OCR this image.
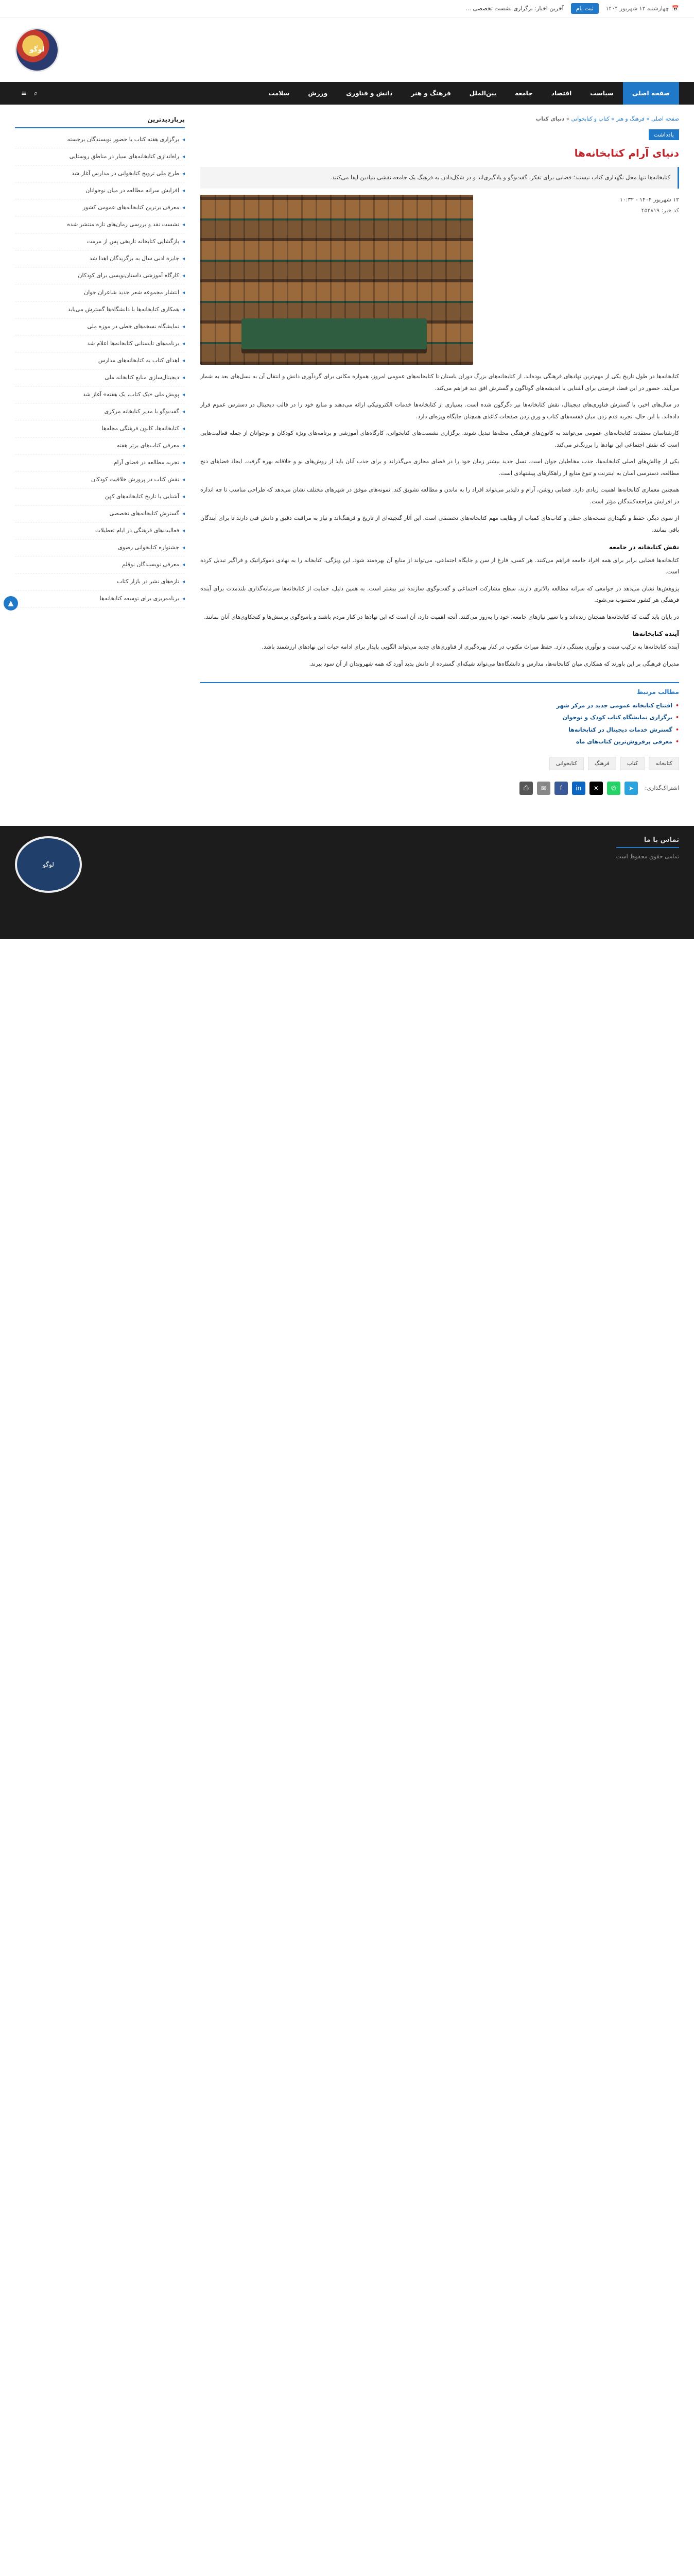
📅
چهارشنبه ۱۲ شهریور ۱۴۰۴
ثبت نام
آخرین اخبار: برگزاری نشست تخصصی ...
لوگو
صفحه اصلی
سیاست
اقتصاد
جامعه
بین‌الملل
فرهنگ و هنر
دانش و فناوری
ورزش
سلامت
⌕
≡
▲
صفحه اصلی » فرهنگ و هنر » کتاب و کتابخوانی » دنیای کتاب
یادداشت
دنیای آرام کتابخانه‌ها
کتابخانه‌ها تنها محل نگهداری کتاب نیستند؛ فضایی برای تفکر، گفت‌وگو و یادگیری‌اند و در شکل‌دادن به فرهنگ یک جامعه نقشی بنیادین ایفا می‌کنند.
۱۲ شهریور ۱۴۰۴ - ۱۰:۳۲
کد خبر: ۴۵۲۸۱۹

کتابخانه‌ها در طول تاریخ یکی از مهم‌ترین نهادهای فرهنگی بوده‌اند. از کتابخانه‌های بزرگ دوران باستان تا کتابخانه‌های عمومی امروز، همواره مکانی برای گردآوری دانش و انتقال آن به نسل‌های بعد به شمار می‌آیند. حضور در این فضا، فرصتی برای آشنایی با اندیشه‌های گوناگون و گسترش افق دید فراهم می‌کند.

در سال‌های اخیر، با گسترش فناوری‌های دیجیتال، نقش کتابخانه‌ها نیز دگرگون شده است. بسیاری از کتابخانه‌ها خدمات الکترونیکی ارائه می‌دهند و منابع خود را در قالب دیجیتال در دسترس عموم قرار داده‌اند. با این حال، تجربه قدم زدن میان قفسه‌های کتاب و ورق زدن صفحات کاغذی همچنان جایگاه ویژه‌ای دارد.

کارشناسان معتقدند کتابخانه‌های عمومی می‌توانند به کانون‌های فرهنگی محله‌ها تبدیل شوند. برگزاری نشست‌های کتابخوانی، کارگاه‌های آموزشی و برنامه‌های ویژه کودکان و نوجوانان از جمله فعالیت‌هایی است که نقش اجتماعی این نهادها را پررنگ‌تر می‌کند.

یکی از چالش‌های اصلی کتابخانه‌ها، جذب مخاطبان جوان است. نسل جدید بیشتر زمان خود را در فضای مجازی می‌گذراند و برای جذب آنان باید از روش‌های نو و خلاقانه بهره گرفت. ایجاد فضاهای دنج مطالعه، دسترسی آسان به اینترنت و تنوع منابع از راهکارهای پیشنهادی است.

همچنین معماری کتابخانه‌ها اهمیت زیادی دارد. فضایی روشن، آرام و دلپذیر می‌تواند افراد را به ماندن و مطالعه تشویق کند. نمونه‌های موفق در شهرهای مختلف نشان می‌دهد که طراحی مناسب تا چه اندازه در افزایش مراجعه‌کنندگان مؤثر است.

از سوی دیگر، حفظ و نگهداری نسخه‌های خطی و کتاب‌های کمیاب از وظایف مهم کتابخانه‌های تخصصی است. این آثار گنجینه‌ای از تاریخ و فرهنگ‌اند و نیاز به مراقبت دقیق و دانش فنی دارند تا برای آیندگان باقی بمانند.

نقش کتابخانه در جامعه

کتابخانه‌ها فضایی برابر برای همه افراد جامعه فراهم می‌کنند. هر کسی، فارغ از سن و جایگاه اجتماعی، می‌تواند از منابع آن بهره‌مند شود. این ویژگی، کتابخانه را به نهادی دموکراتیک و فراگیر تبدیل کرده است.

پژوهش‌ها نشان می‌دهد در جوامعی که سرانه مطالعه بالاتری دارند، سطح مشارکت اجتماعی و گفت‌وگوی سازنده نیز بیشتر است. به همین دلیل، حمایت از کتابخانه‌ها سرمایه‌گذاری بلندمدت برای آینده فرهنگی هر کشور محسوب می‌شود.

در پایان باید گفت که کتابخانه‌ها همچنان زنده‌اند و با تغییر نیازهای جامعه، خود را به‌روز می‌کنند. آنچه اهمیت دارد، آن است که این نهادها در کنار مردم باشند و پاسخ‌گوی پرسش‌ها و کنجکاوی‌های آنان بمانند.

آینده کتابخانه‌ها

آینده کتابخانه‌ها به ترکیب سنت و نوآوری بستگی دارد. حفظ میراث مکتوب در کنار بهره‌گیری از فناوری‌های جدید می‌تواند الگویی پایدار برای ادامه حیات این نهادهای ارزشمند باشد.

مدیران فرهنگی بر این باورند که همکاری میان کتابخانه‌ها، مدارس و دانشگاه‌ها می‌تواند شبکه‌ای گسترده از دانش پدید آورد که همه شهروندان از آن سود ببرند.

مطالب مرتبط
• افتتاح کتابخانه عمومی جدید در مرکز شهر
• برگزاری نمایشگاه کتاب کودک و نوجوان
• گسترش خدمات دیجیتال در کتابخانه‌ها
• معرفی پرفروش‌ترین کتاب‌های ماه
کتابخانه
کتاب
فرهنگ
کتابخوانی
اشتراک‌گذاری:
➤
✆
✕
in
f
✉
⎙
پربازدیدترین
◂ برگزاری هفته کتاب با حضور نویسندگان برجسته
◂ راه‌اندازی کتابخانه‌های سیار در مناطق روستایی
◂ طرح ملی ترویج کتابخوانی در مدارس آغاز شد
◂ افزایش سرانه مطالعه در میان نوجوانان
◂ معرفی برترین کتابخانه‌های عمومی کشور
◂ نشست نقد و بررسی رمان‌های تازه منتشر شده
◂ بازگشایی کتابخانه تاریخی پس از مرمت
◂ جایزه ادبی سال به برگزیدگان اهدا شد
◂ کارگاه آموزشی داستان‌نویسی برای کودکان
◂ انتشار مجموعه شعر جدید شاعران جوان
◂ همکاری کتابخانه‌ها با دانشگاه‌ها گسترش می‌یابد
◂ نمایشگاه نسخه‌های خطی در موزه ملی
◂ برنامه‌های تابستانی کتابخانه‌ها اعلام شد
◂ اهدای کتاب به کتابخانه‌های مدارس
◂ دیجیتال‌سازی منابع کتابخانه ملی
◂ پویش ملی «یک کتاب، یک هفته» آغاز شد
◂ گفت‌وگو با مدیر کتابخانه مرکزی
◂ کتابخانه‌ها، کانون فرهنگی محله‌ها
◂ معرفی کتاب‌های برتر هفته
◂ تجربه مطالعه در فضای آرام
◂ نقش کتاب در پرورش خلاقیت کودکان
◂ آشنایی با تاریخ کتابخانه‌های کهن
◂ گسترش کتابخانه‌های تخصصی
◂ فعالیت‌های فرهنگی در ایام تعطیلات
◂ جشنواره کتابخوانی رضوی
◂ معرفی نویسندگان نوقلم
◂ تازه‌های نشر در بازار کتاب
◂ برنامه‌ریزی برای توسعه کتابخانه‌ها
تماس با ما
تمامی حقوق محفوظ است
لوگو
